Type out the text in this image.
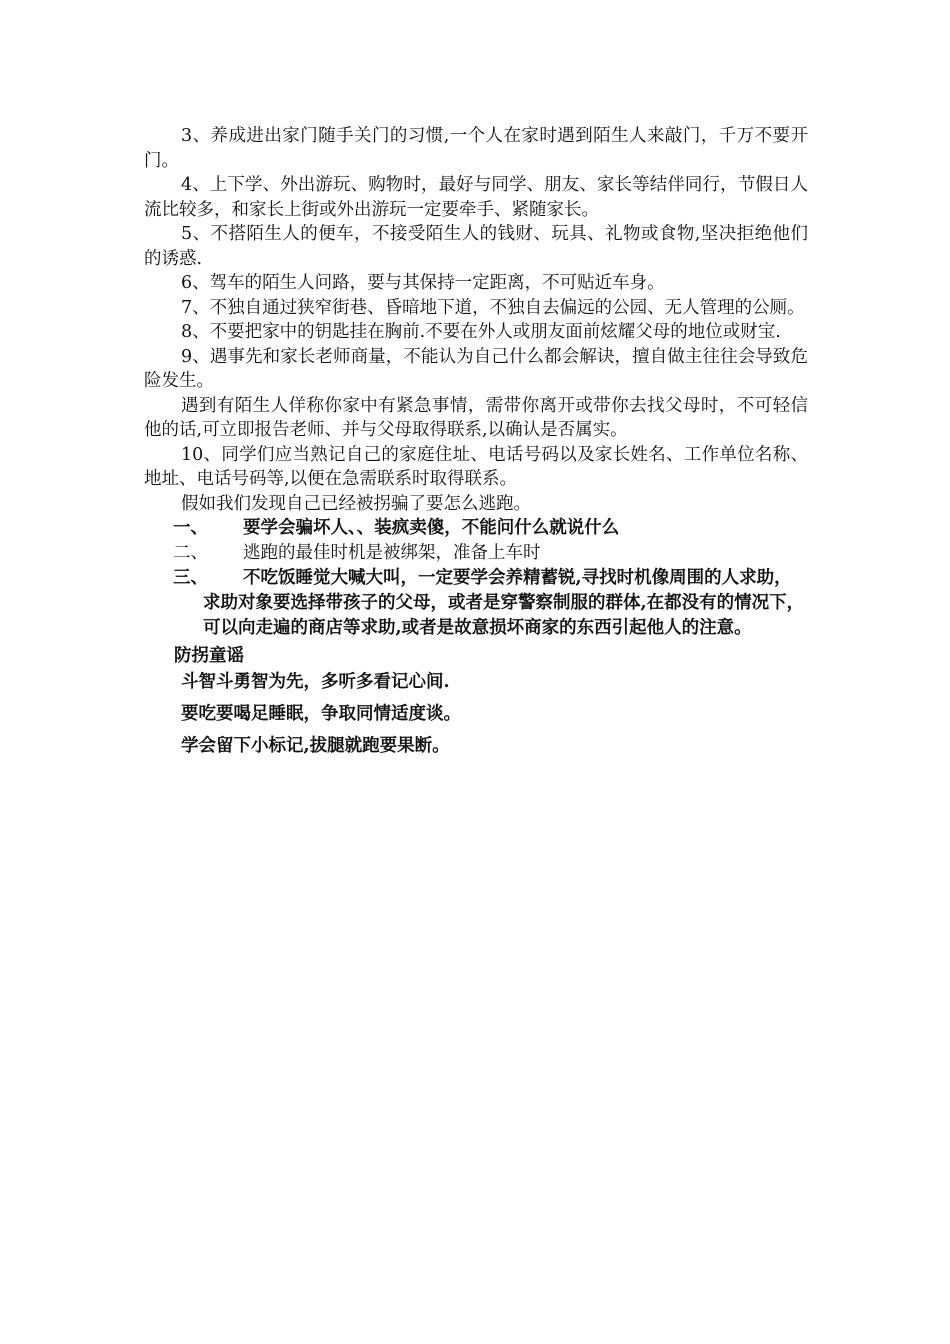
3、养成进出家门随手关门的习惯,一个人在家时遇到陌生人来敲门，千万不要开门。

4、上下学、外出游玩、购物时，最好与同学、朋友、家长等结伴同行，节假日人流比较多，和家长上街或外出游玩一定要牵手、紧随家长。

5、不搭陌生人的便车，不接受陌生人的钱财、玩具、礼物或食物,坚决拒绝他们的诱惑.

6、驾车的陌生人问路，要与其保持一定距离，不可贴近车身。

7、不独自通过狭窄街巷、昏暗地下道，不独自去偏远的公园、无人管理的公厕。

8、不要把家中的钥匙挂在胸前.不要在外人或朋友面前炫耀父母的地位或财宝.

9、遇事先和家长老师商量，不能认为自己什么都会解诀，擅自做主往往会导致危险发生。

遇到有陌生人佯称你家中有紧急事情，需带你离开或带你去找父母时，不可轻信他的话,可立即报告老师、并与父母取得联系,以确认是否属实。

10、同学们应当熟记自己的家庭住址、电话号码以及家长姓名、工作单位名称、地址、电话号码等,以便在急需联系时取得联系。

假如我们发现自己已经被拐骗了要怎么逃跑。

一、	要学会骗坏人、、装疯卖傻，不能问什么就说什么
二、	逃跑的最佳时机是被绑架，准备上车时
三、	不吃饭睡觉大喊大叫，一定要学会养精蓄锐,寻找时机像周围的人求助，求助对象要选择带孩子的父母，或者是穿警察制服的群体,在都没有的情况下，可以向走遍的商店等求助,或者是故意损坏商家的东西引起他人的注意。
防拐童谣
斗智斗勇智为先，多听多看记心间.
要吃要喝足睡眠，争取同情适度谈。
学会留下小标记,拔腿就跑要果断。
